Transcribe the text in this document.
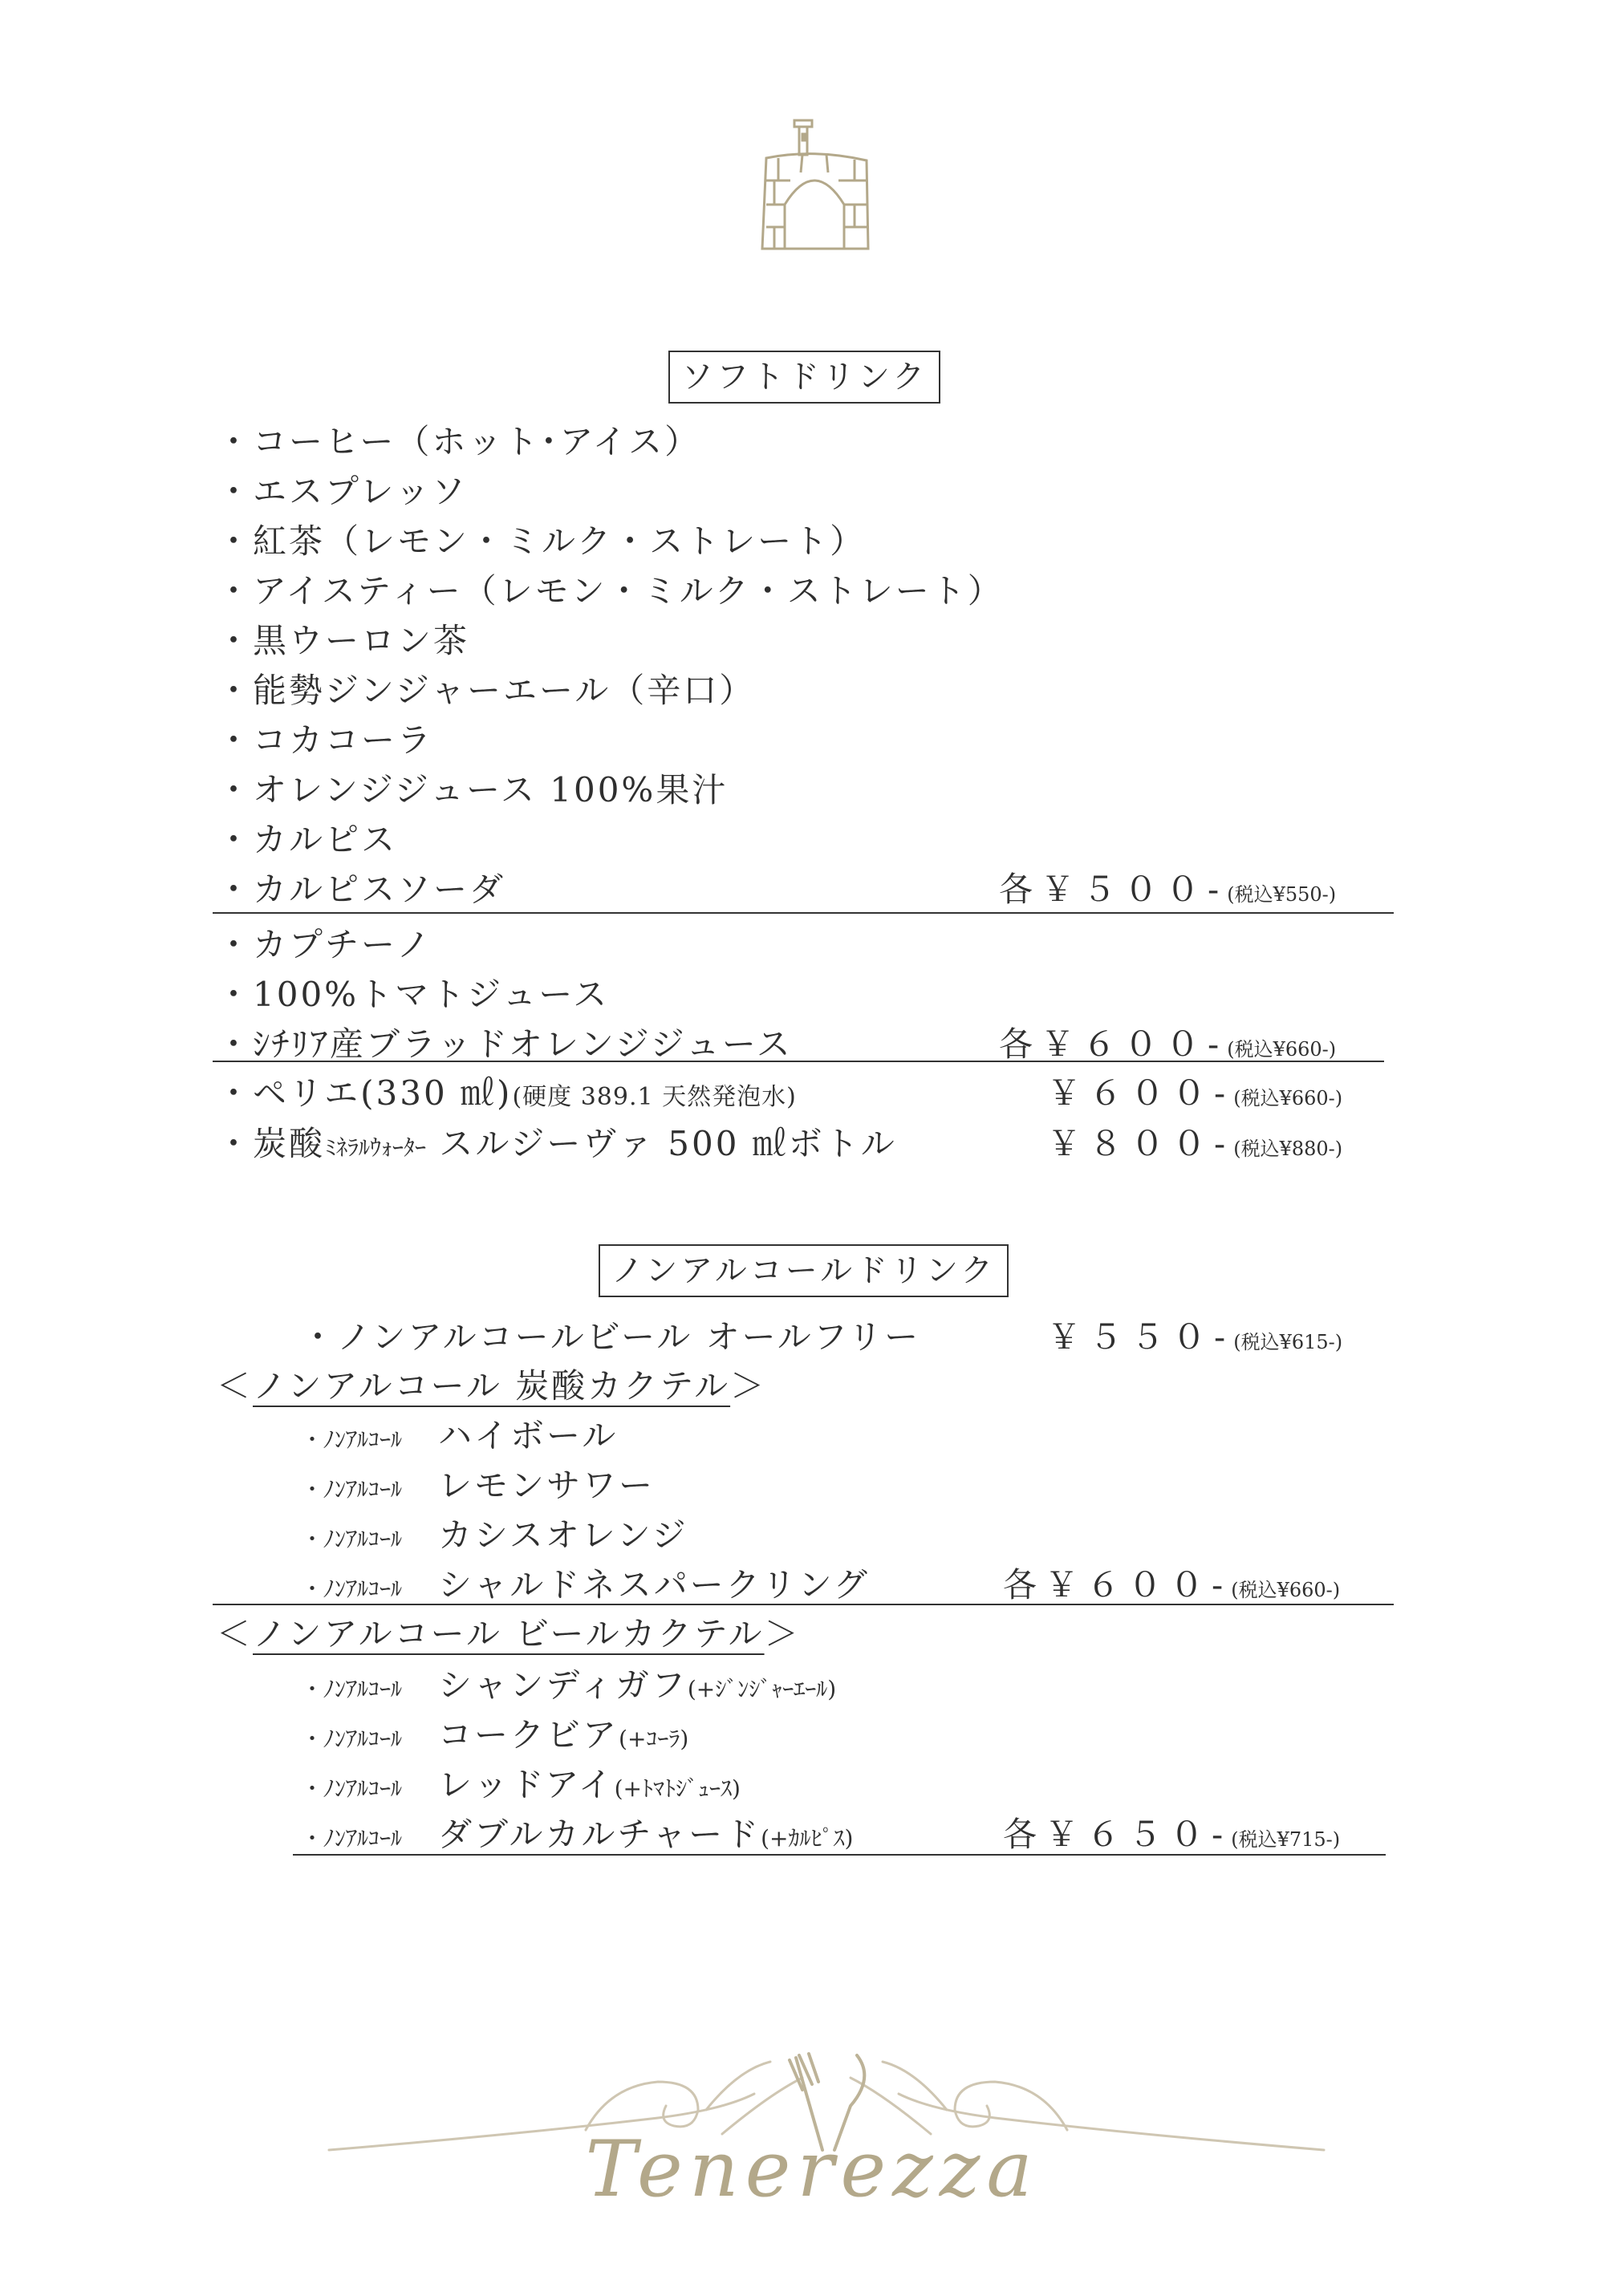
ソフトドリンク
・コーヒー（ホット･アイス）
・エスプレッソ
・紅茶（レモン・ミルク・ストレート）
・アイスティー（レモン・ミルク・ストレート）
・黒ウーロン茶
・能勢ジンジャーエール（辛口）
・コカコーラ
・オレンジジュース 100%果汁
・カルピス
・カルピスソーダ	各￥５００-(税込¥550-)
・カプチーノ
・100%トマトジュース
・ｼﾁﾘｱ産ブラッドオレンジジュース	各￥６００-(税込¥660-)
・ペリエ(330 ㎖)(硬度 389.1 天然発泡水)	￥６００-(税込¥660-)
・炭酸ﾐﾈﾗﾙｳｫｰﾀｰ スルジーヴァ 500 ㎖ボトル	￥８００-(税込¥880-)
ノンアルコールドリンク
・ノンアルコールビール オールフリー	￥５５０-(税込¥615-)
＜ノンアルコール 炭酸カクテル＞
・ﾉﾝｱﾙｺｰﾙ　 ハイボール
・ﾉﾝｱﾙｺｰﾙ　 レモンサワー
・ﾉﾝｱﾙｺｰﾙ　 カシスオレンジ
・ﾉﾝｱﾙｺｰﾙ　 シャルドネスパークリング	各￥６００-(税込¥660-)
＜ノンアルコール ビールカクテル＞
・ﾉﾝｱﾙｺｰﾙ　 シャンディガフ(+ｼﾞﾝｼﾞｬｰｴｰﾙ)
・ﾉﾝｱﾙｺｰﾙ　 コークビア(+ｺｰﾗ)
・ﾉﾝｱﾙｺｰﾙ　 レッドアイ(+ﾄﾏﾄｼﾞｭｰｽ)
・ﾉﾝｱﾙｺｰﾙ　 ダブルカルチャード(+ｶﾙﾋﾟｽ)	各￥６５０-(税込¥715-)
Tenerezza
